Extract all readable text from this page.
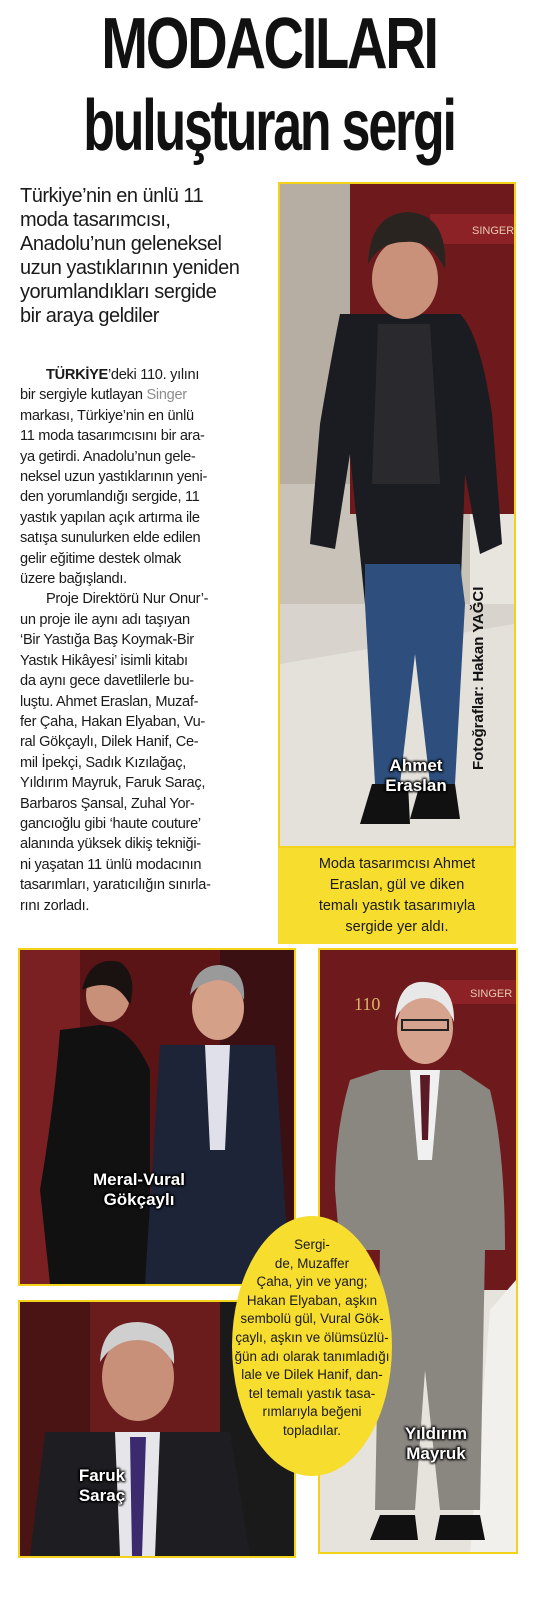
MODACILARI
buluşturan sergi
Türkiye’nin en ünlü 11
moda tasarımcısı,
Anadolu’nun geleneksel
uzun yastıklarının yeniden
yorumlandıkları sergide
bir araya geldiler
TÜRKİYE’deki 110. yılını
bir sergiyle kutlayan Singer
markası, Türkiye’nin en ünlü
11 moda tasarımcısını bir ara-
ya getirdi. Anadolu’nun gele-
neksel uzun yastıklarının yeni-
den yorumlandığı sergide, 11
yastık yapılan açık artırma ile
satışa sunulurken elde edilen
gelir eğitime destek olmak
üzere bağışlandı.
Proje Direktörü Nur Onur’-
un proje ile aynı adı taşıyan
‘Bir Yastığa Baş Koymak-Bir
Yastık Hikâyesi’ isimli kitabı
da aynı gece davetlilerle bu-
luştu. Ahmet Eraslan, Muzaf-
fer Çaha, Hakan Elyaban, Vu-
ral Gökçaylı, Dilek Hanif, Ce-
mil İpekçi, Sadık Kızılağaç,
Yıldırım Mayruk, Faruk Saraç,
Barbaros Şansal, Zuhal Yor-
gancıoğlu gibi ‘haute couture’
alanında yüksek dikiş tekniği-
ni yaşatan 11 ünlü modacının
tasarımları, yaratıcılığın sınırla-
rını zorladı.
SINGER
Ahmet
Eraslan
Fotoğraflar: Hakan YAĞCI
Moda tasarımcısı Ahmet
Eraslan, gül ve diken
temalı yastık tasarımıyla
sergide yer aldı.
Meral-Vural
Gökçaylı
SINGER
110
Yıldırım
Mayruk
Faruk
Saraç
Sergi-
de, Muzaffer
Çaha, yin ve yang;
Hakan Elyaban, aşkın
sembolü gül, Vural Gök-
çaylı, aşkın ve ölümsüzlü-
ğün adı olarak tanımladığı
lale ve Dilek Hanif, dan-
tel temalı yastık tasa-
rımlarıyla beğeni
topladılar.
